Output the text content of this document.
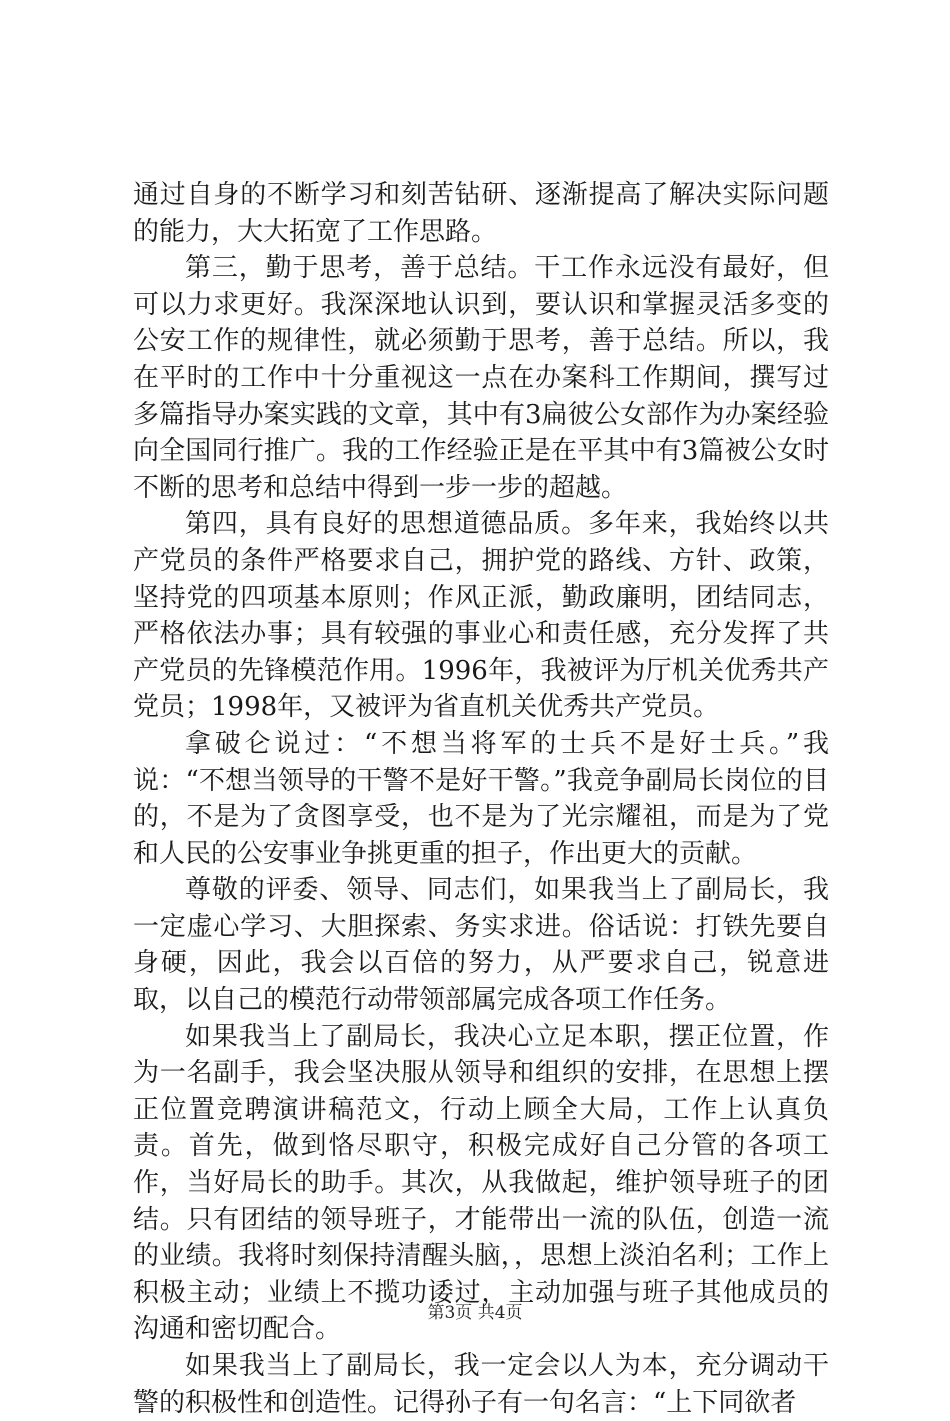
通过自身的不断学习和刻苦钻研、逐渐提高了解决实际问题的能力，大大拓宽了工作思路。

第三，勤于思考，善于总结。干工作永远没有最好，但可以力求更好。我深深地认识到，要认识和掌握灵活多变的公安工作的规律性，就必须勤于思考，善于总结。所以，我在平时的工作中十分重视这一点在办案科工作期间，撰写过多篇指导办案实践的文章，其中有3扁彼公女部作为办案经验向全国同行推广。我的工作经验正是在平其中有3篇被公女时不断的思考和总结中得到一步一步的超越。

第四，具有良好的思想道德品质。多年来，我始终以共产党员的条件严格要求自己，拥护党的路线、方针、政策，坚持党的四项基本原则；作风正派，勤政廉明，团结同志，严格依法办事；具有较强的事业心和责任感，充分发挥了共产党员的先锋模范作用。1996年，我被评为厅机关优秀共产党员；1998年，又被评为省直机关优秀共产党员。

拿破仑说过：“不想当将军的士兵不是好士兵。”我说：“不想当领导的干警不是好干警。”我竞争副局长岗位的目的，不是为了贪图享受，也不是为了光宗耀祖，而是为了党和人民的公安事业争挑更重的担子，作出更大的贡献。

尊敬的评委、领导、同志们，如果我当上了副局长，我一定虚心学习、大胆探索、务实求进。俗话说：打铁先要自身硬，因此，我会以百倍的努力，从严要求自己，锐意进取，以自己的模范行动带领部属完成各项工作任务。

如果我当上了副局长，我决心立足本职，摆正位置，作为一名副手，我会坚决服从领导和组织的安排，在思想上摆正位置竞聘演讲稿范文，行动上顾全大局，工作上认真负责。首先，做到恪尽职守，积极完成好自己分管的各项工作，当好局长的助手。其次，从我做起，维护领导班子的团结。只有团结的领导班子，才能带出一流的队伍，创造一流的业绩。我将时刻保持清醒头脑，，思想上淡泊名利；工作上积极主动；业绩上不揽功诿过，主动加强与班子其他成员的沟通和密切配合。

如果我当上了副局长，我一定会以人为本，充分调动干警的积极性和创造性。记得孙子有一句名言：“上下同欲者

第3页 共4页
